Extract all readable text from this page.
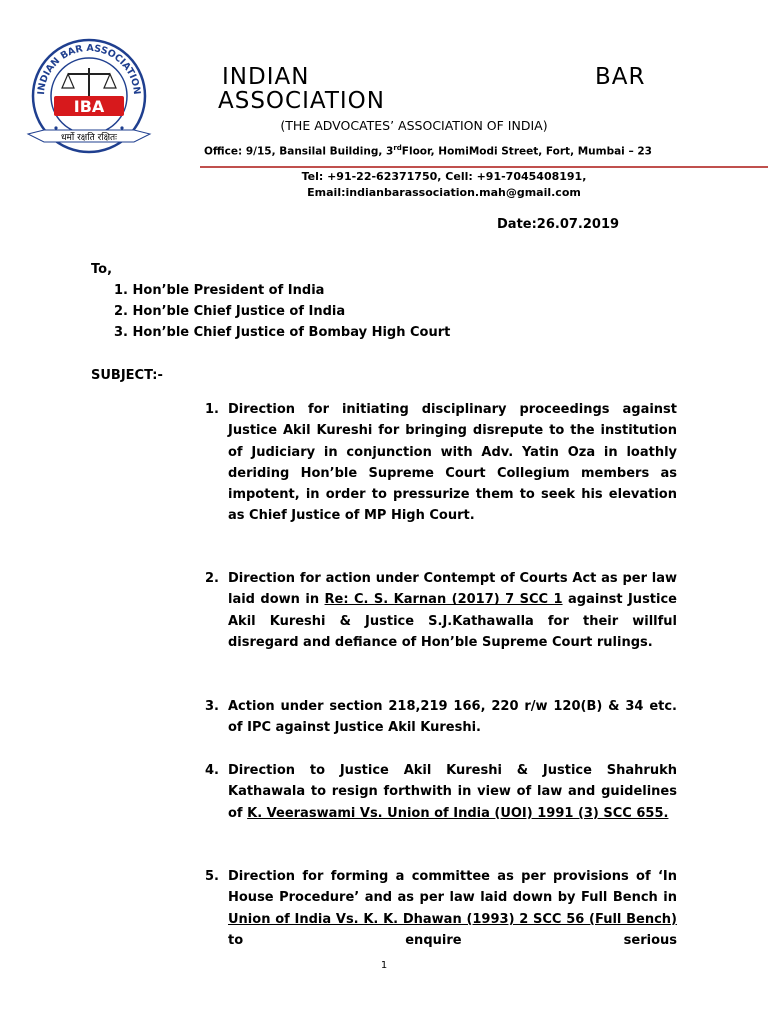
INDIAN BAR ASSOCIATION
IBA
धर्मो रक्षति रक्षितः
INDIAN	BAR
ASSOCIATION
(THE ADVOCATES’ ASSOCIATION OF INDIA)
Office: 9/15, Bansilal Building, 3rdFloor, HomiModi Street, Fort, Mumbai – 23
Tel: +91-22-62371750, Cell: +91-7045408191,
Email:indianbarassociation.mah@gmail.com
Date:26.07.2019
To,
1. Hon’ble President of India
2. Hon’ble Chief Justice of India
3. Hon’ble Chief Justice of Bombay High Court
SUBJECT:-
1. Direction for initiating disciplinary proceedings against Justice Akil Kureshi for bringing disrepute to the institution of Judiciary in conjunction with Adv. Yatin Oza in loathly deriding Hon’ble Supreme Court Collegium members as impotent, in order to pressurize them to seek his elevation as Chief Justice of MP High Court.
2. Direction for action under Contempt of Courts Act as per law laid down in Re: C. S. Karnan (2017) 7 SCC 1 against Justice Akil Kureshi & Justice S.J.Kathawalla for their willful disregard and defiance of Hon’ble Supreme Court rulings.
3. Action under section 218,219 166, 220 r/w 120(B) & 34 etc. of IPC against Justice Akil Kureshi.
4. Direction to Justice Akil Kureshi & Justice Shahrukh Kathawala to resign forthwith in view of law and guidelines of K. Veeraswami Vs. Union of India (UOI) 1991 (3) SCC 655.
5. Direction for forming a committee as per provisions of ‘In House Procedure’ and as per law laid down by Full Bench in Union of India Vs. K. K. Dhawan (1993) 2 SCC 56 (Full Bench) to enquire serious
1
